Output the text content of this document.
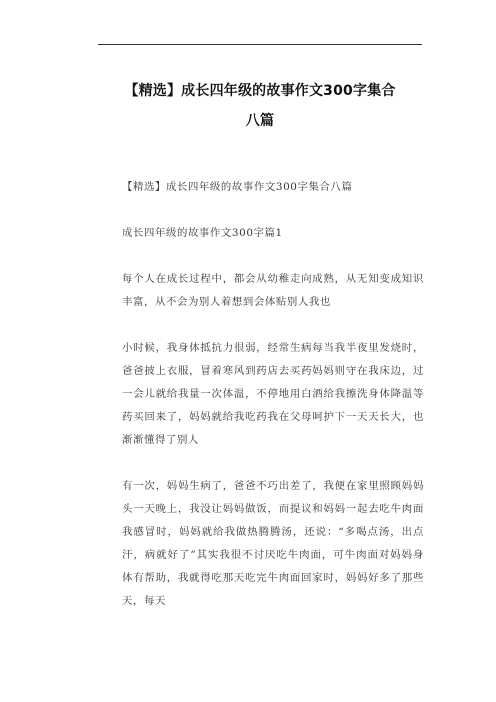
【精选】成长四年级的故事作文300字集合
八篇

【精选】成长四年级的故事作文300字集合八篇

成长四年级的故事作文300字篇1

每个人在成长过程中，都会从幼稚走向成熟，从无知变成知识丰富，从不会为别人着想到会体贴别人我也

小时候，我身体抵抗力很弱，经常生病每当我半夜里发烧时，爸爸披上衣服，冒着寒风到药店去买药妈妈则守在我床边，过一会儿就给我量一次体温，不停地用白酒给我擦洗身体降温等药买回来了，妈妈就给我吃药我在父母呵护下一天天长大，也渐渐懂得了别人

有一次，妈妈生病了，爸爸不巧出差了，我便在家里照顾妈妈头一天晚上，我没让妈妈做饭，而提议和妈妈一起去吃牛肉面我感冒时，妈妈就给我做热腾腾汤，还说：“多喝点汤，出点汗，病就好了”其实我很不讨厌吃牛肉面，可牛肉面对妈妈身体有帮助，我就得吃那天吃完牛肉面回家时，妈妈好多了那些天，每天
